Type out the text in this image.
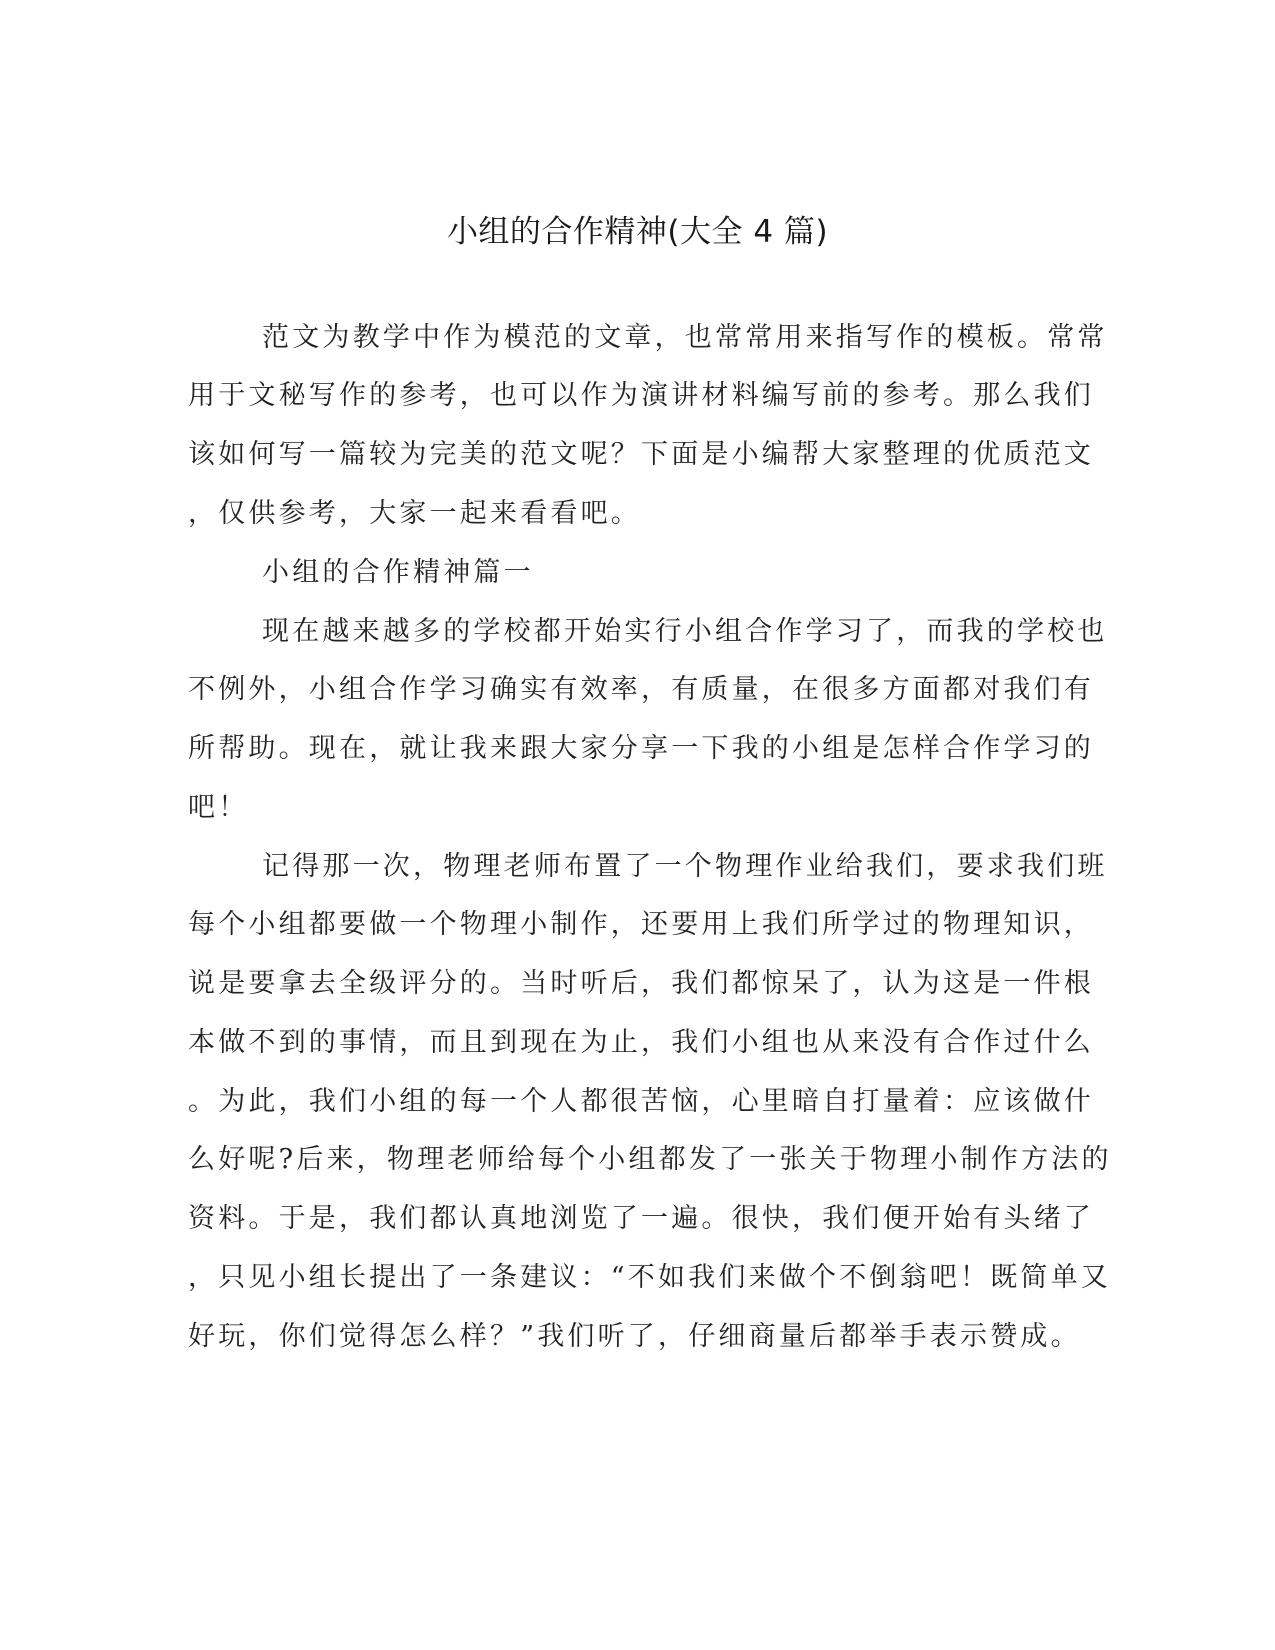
小组的合作精神(大全 4 篇)
范文为教学中作为模范的文章，也常常用来指写作的模板。常常
用于文秘写作的参考，也可以作为演讲材料编写前的参考。那么我们
该如何写一篇较为完美的范文呢？下面是小编帮大家整理的优质范文
，仅供参考，大家一起来看看吧。
小组的合作精神篇一
现在越来越多的学校都开始实行小组合作学习了，而我的学校也
不例外，小组合作学习确实有效率，有质量，在很多方面都对我们有
所帮助。现在，就让我来跟大家分享一下我的小组是怎样合作学习的
吧！
记得那一次，物理老师布置了一个物理作业给我们，要求我们班
每个小组都要做一个物理小制作，还要用上我们所学过的物理知识，
说是要拿去全级评分的。当时听后，我们都惊呆了，认为这是一件根
本做不到的事情，而且到现在为止，我们小组也从来没有合作过什么
。为此，我们小组的每一个人都很苦恼，心里暗自打量着：应该做什
么好呢?后来，物理老师给每个小组都发了一张关于物理小制作方法的
资料。于是，我们都认真地浏览了一遍。很快，我们便开始有头绪了
，只见小组长提出了一条建议：“不如我们来做个不倒翁吧！既简单又
好玩，你们觉得怎么样？”我们听了，仔细商量后都举手表示赞成。
